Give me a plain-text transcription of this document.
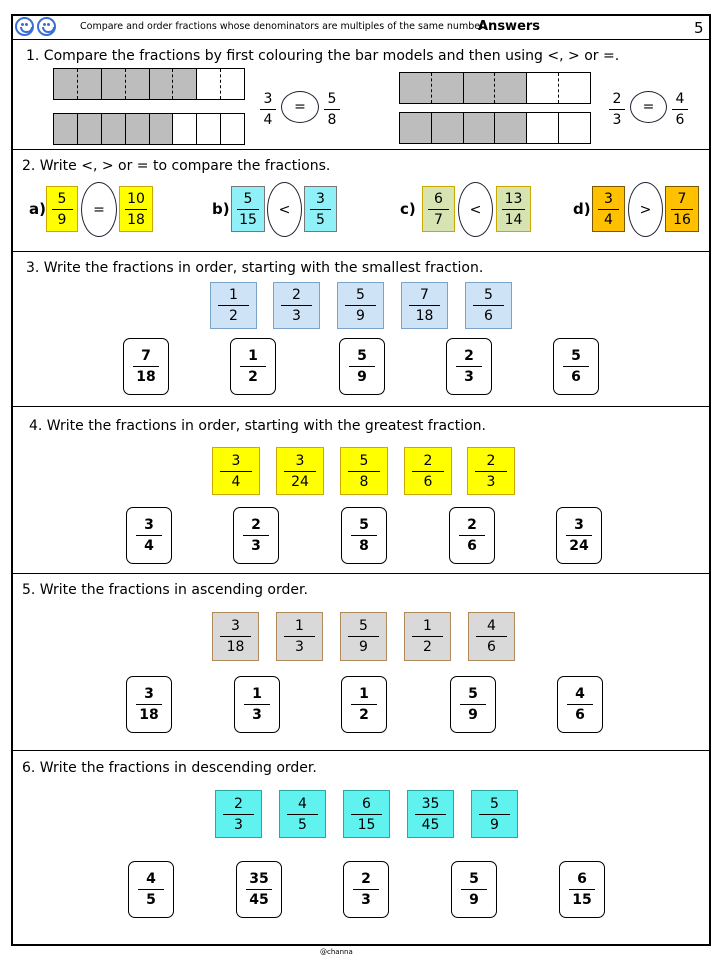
Compare and order fractions whose denominators are multiples of the same number.
Answers	5
1. Compare the fractions by first colouring the bar models and then using <, > or =.
3
4
=
5
8
2
3
=
4
6
2. Write <, > or = to compare the fractions.
a)
5
9
=
10
18
b)
5
15
<
3
5
c)
6
7
<
13
14
d)
3
4
>
7
16
3. Write the fractions in order, starting with the smallest fraction.
1
2
2
3
5
9
7
18
5
6
7
18
1
2
5
9
2
3
5
6
4. Write the fractions in order, starting with the greatest fraction.
3
4
3
24
5
8
2
6
2
3
3
4
2
3
5
8
2
6
3
24
5. Write the fractions in ascending order.
3
18
1
3
5
9
1
2
4
6
3
18
1
3
1
2
5
9
4
6
6. Write the fractions in descending order.
2
3
4
5
6
15
35
45
5
9
4
5
35
45
2
3
5
9
6
15
@channa
